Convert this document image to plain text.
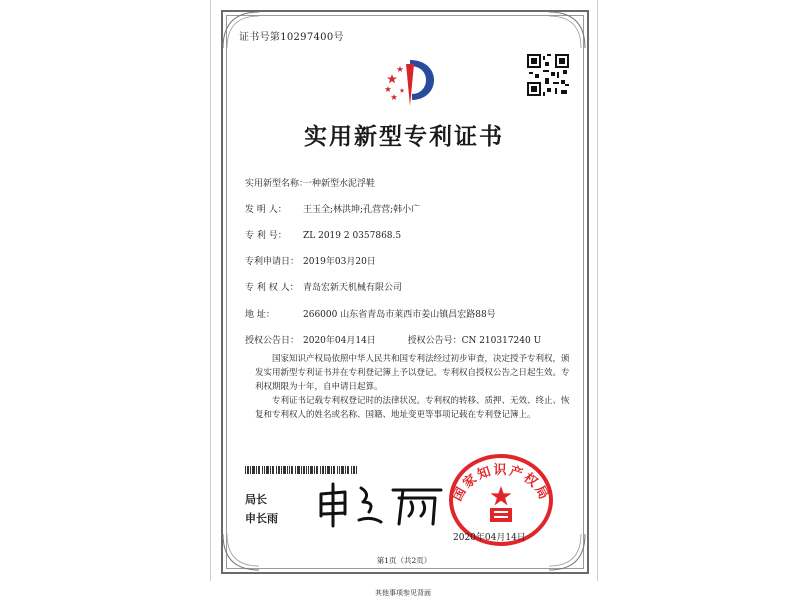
证书号第10297400号
实用新型专利证书
实用新型名称：一种新型水泥浮鞋
发 明 人： 王玉全;林洪坤;孔营营;韩小广
专 利 号： ZL 2019 2 0357868.5
专利申请日： 2019年03月20日
专 利 权 人： 青岛宏新天机械有限公司
地 址：	266000 山东省青岛市莱西市姜山镇昌宏路88号
授权公告日： 2020年04月14日	授权公告号：CN 210317240 U
国家知识产权局依照中华人民共和国专利法经过初步审查，决定授予专利权，颁发实用新型专利证书并在专利登记簿上予以登记。专利权自授权公告之日起生效。专利权期限为十年，自申请日起算。
专利证书记载专利权登记时的法律状况。专利权的转移、质押、无效、终止、恢复和专利权人的姓名或名称、国籍、地址变更等事项记载在专利登记簿上。
局长
申长雨
国家知识产权局
2020年04月14日
第1页（共2页）
其他事项参见背面
